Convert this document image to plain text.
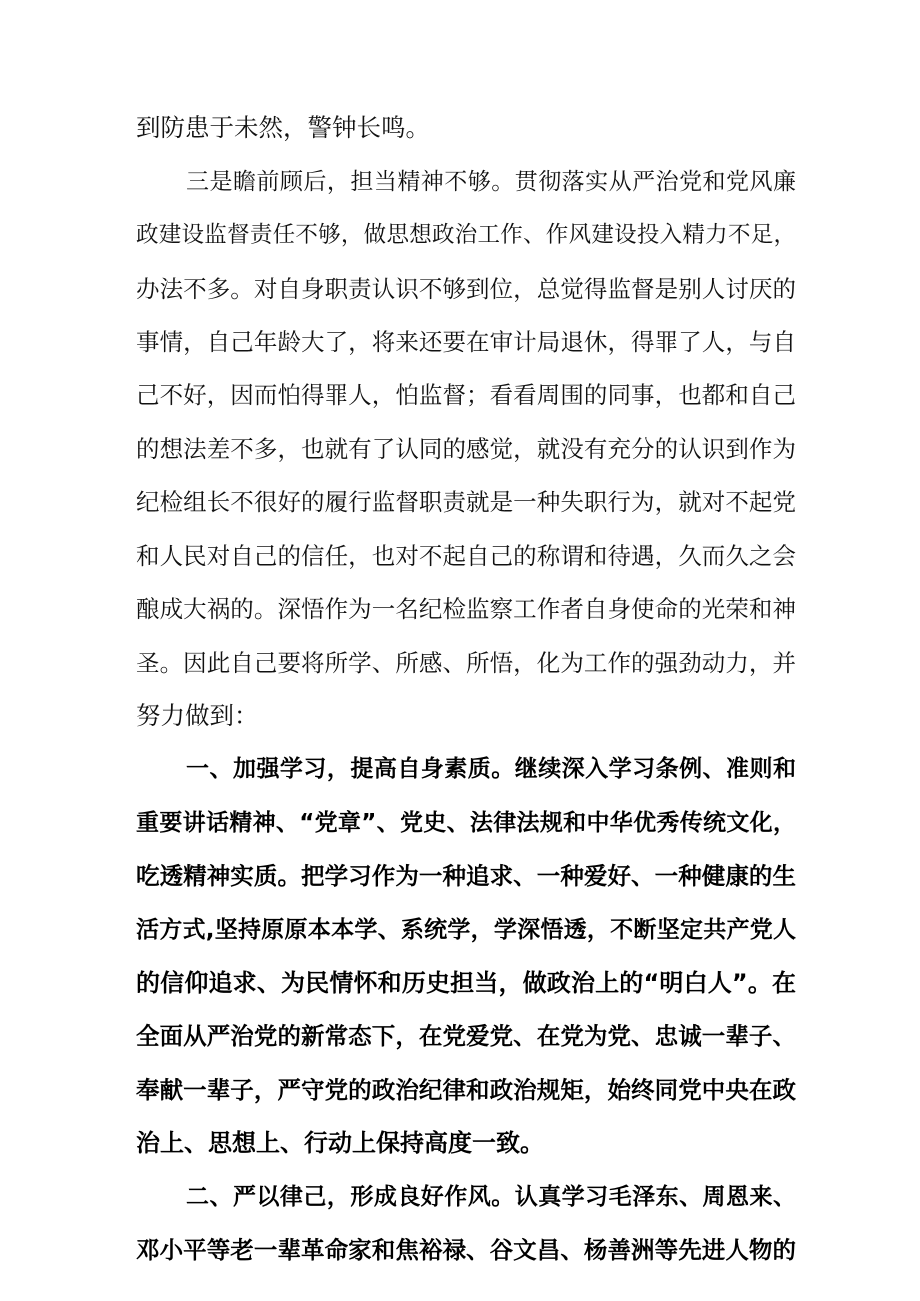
到防患于未然，警钟长鸣。
三是瞻前顾后，担当精神不够。贯彻落实从严治党和党风廉
政建设监督责任不够，做思想政治工作、作风建设投入精力不足，
办法不多。对自身职责认识不够到位，总觉得监督是别人讨厌的
事情，自己年龄大了，将来还要在审计局退休，得罪了人，与自
己不好，因而怕得罪人，怕监督；看看周围的同事，也都和自己
的想法差不多，也就有了认同的感觉，就没有充分的认识到作为
纪检组长不很好的履行监督职责就是一种失职行为，就对不起党
和人民对自己的信任，也对不起自己的称谓和待遇，久而久之会
酿成大祸的。深悟作为一名纪检监察工作者自身使命的光荣和神
圣。因此自己要将所学、所感、所悟，化为工作的强劲动力，并
努力做到：
一、加强学习，提高自身素质。继续深入学习条例、准则和
重要讲话精神、“党章”、党史、法律法规和中华优秀传统文化，
吃透精神实质。把学习作为一种追求、一种爱好、一种健康的生
活方式,坚持原原本本学、系统学，学深悟透，不断坚定共产党人
的信仰追求、为民情怀和历史担当，做政治上的“明白人”。在
全面从严治党的新常态下，在党爱党、在党为党、忠诚一辈子、
奉献一辈子，严守党的政治纪律和政治规矩，始终同党中央在政
治上、思想上、行动上保持高度一致。
二、严以律己，形成良好作风。认真学习毛泽东、周恩来、
邓小平等老一辈革命家和焦裕禄、谷文昌、杨善洲等先进人物的
